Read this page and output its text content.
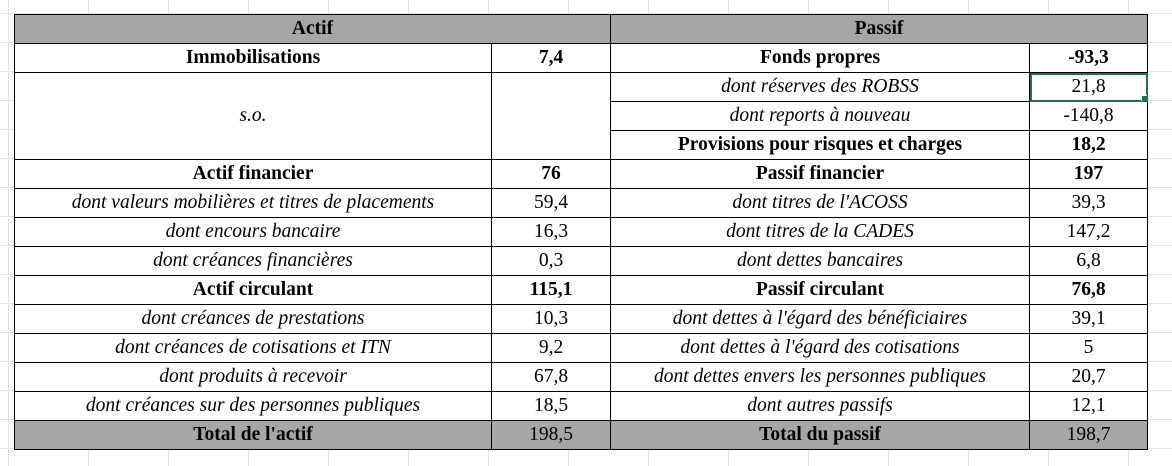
Actif		Passif	
Immobilisations	7,4	Fonds propres	-93,3
		dont réserves des ROBSS	21,8

s.o.		dont reports à nouveau	-140,8
		Provisions pour risques et charges	18,2
Actif financier	76	Passif financier	197
dont valeurs mobilières et titres de placements	59,4	dont titres de l'ACOSS	39,3
dont encours bancaire	16,3	dont titres de la CADES	147,2
dont créances financières	0,3	dont dettes bancaires	6,8
Actif circulant	115,1	Passif circulant	76,8
dont créances de prestations	10,3	dont dettes à l'égard des bénéficiaires	39,1
dont créances de cotisations et ITN	9,2	dont dettes à l'égard des cotisations	5
dont produits à recevoir	67,8	dont dettes envers les personnes publiques	20,7
dont créances sur des personnes publiques	18,5	dont autres passifs	12,1
Total de l'actif	198,5	Total du passif	198,7
